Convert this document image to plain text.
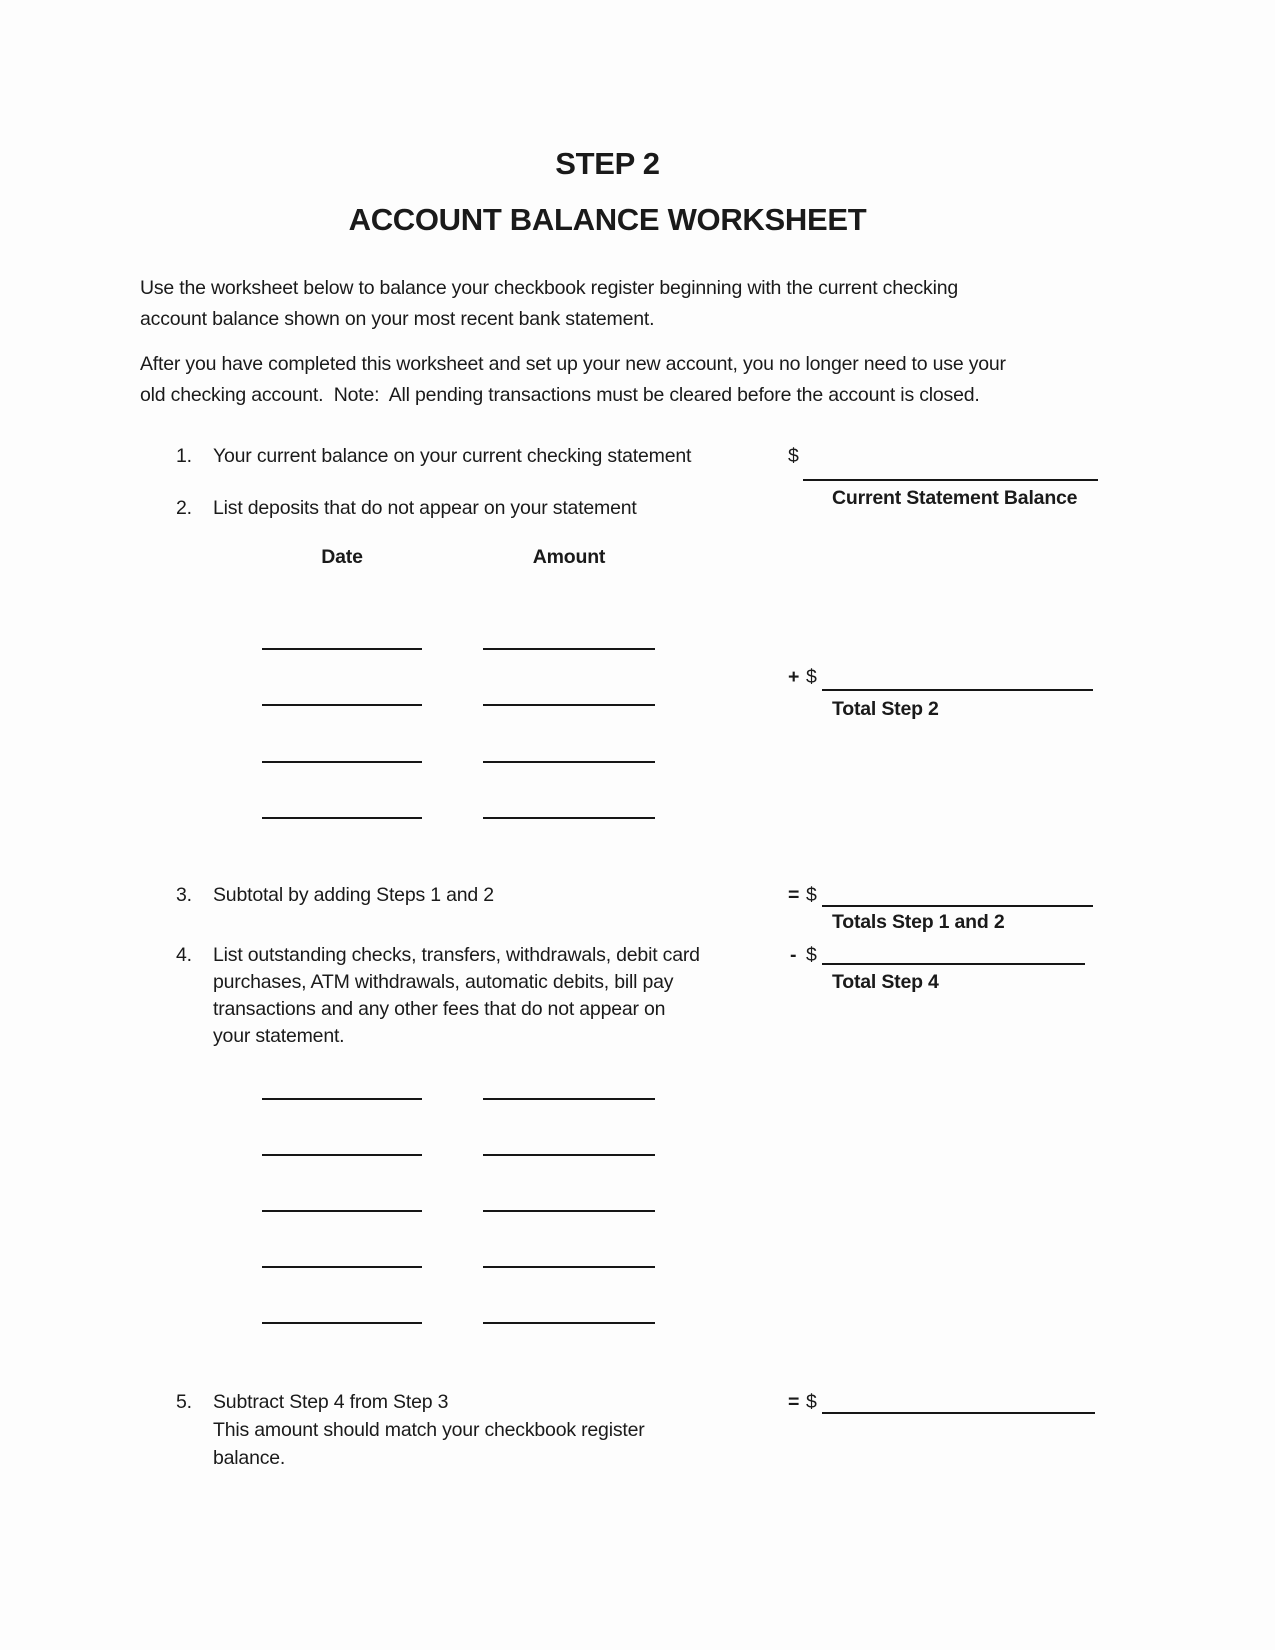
STEP 2
ACCOUNT BALANCE WORKSHEET
Use the worksheet below to balance your checkbook register beginning with the current checking
account balance shown on your most recent bank statement.
After you have completed this worksheet and set up your new account, you no longer need to use your
old checking account.  Note:  All pending transactions must be cleared before the account is closed.
1. Your current balance on your current checking statement	$
Current Statement Balance
2. List deposits that do not appear on your statement
Date	Amount
+ $
Total Step 2
3. Subtotal by adding Steps 1 and 2	= $
Totals Step 1 and 2
4. List outstanding checks, transfers, withdrawals, debit card
purchases, ATM withdrawals, automatic debits, bill pay
transactions and any other fees that do not appear on
your statement.
- $
Total Step 4
5. Subtract Step 4 from Step 3
This amount should match your checkbook register
balance.
= $
